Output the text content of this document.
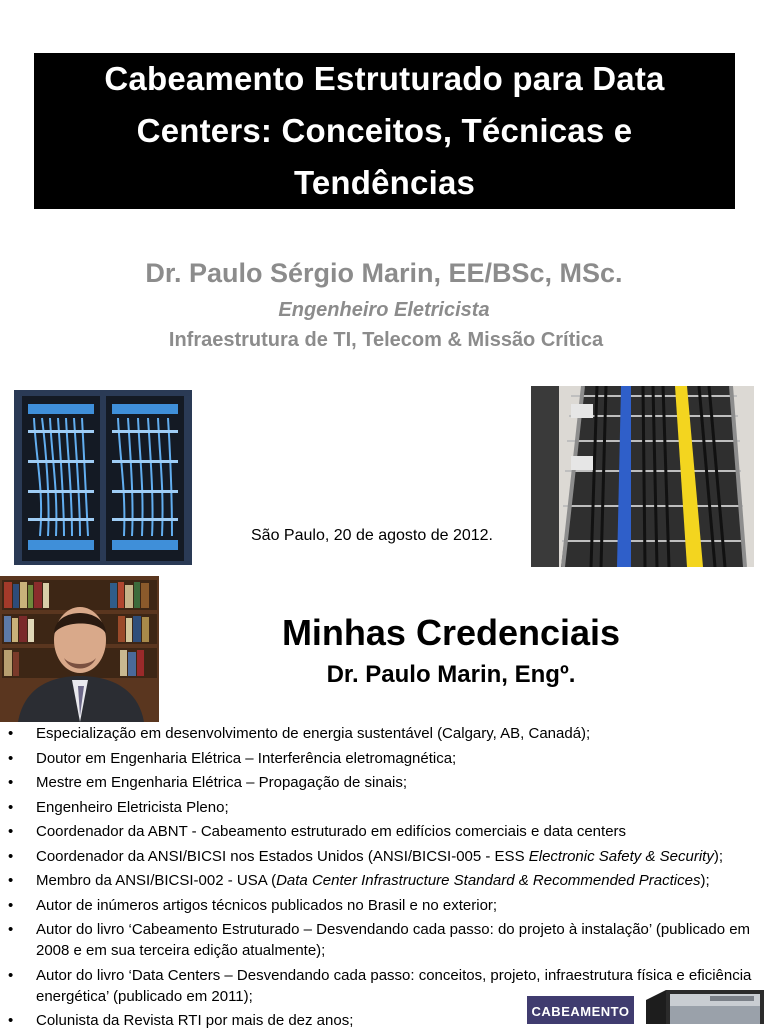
Cabeamento Estruturado para Data Centers: Conceitos, Técnicas e Tendências
Dr. Paulo Sérgio Marin, EE/BSc, MSc.
Engenheiro Eletricista
Infraestrutura de TI, Telecom & Missão Crítica
São Paulo, 20 de agosto de 2012.
Minhas Credenciais
Dr. Paulo Marin, Engº.
•	Especialização em desenvolvimento de energia sustentável (Calgary, AB, Canadá);
•	Doutor em Engenharia Elétrica – Interferência eletromagnética;
•	Mestre em Engenharia Elétrica – Propagação de sinais;
•	Engenheiro Eletricista Pleno;
•	Coordenador da ABNT - Cabeamento estruturado em edifícios comerciais e data centers
•	Coordenador da ANSI/BICSI nos Estados Unidos (ANSI/BICSI-005 - ESS Electronic Safety & Security);
•	Membro da ANSI/BICSI-002 - USA (Data Center Infrastructure Standard & Recommended Practices);
•	Autor de inúmeros artigos técnicos publicados no Brasil e no exterior;
•	Autor do livro ‘Cabeamento Estruturado – Desvendando cada passo: do projeto à instalação’ (publicado em 2008 e em sua terceira edição atualmente);
•	Autor do livro ‘Data Centers – Desvendando cada passo: conceitos, projeto, infraestrutura física e eficiência energética’ (publicado em 2011);
•	Colunista da Revista RTI por mais de dez anos;
CABEAMENTO
